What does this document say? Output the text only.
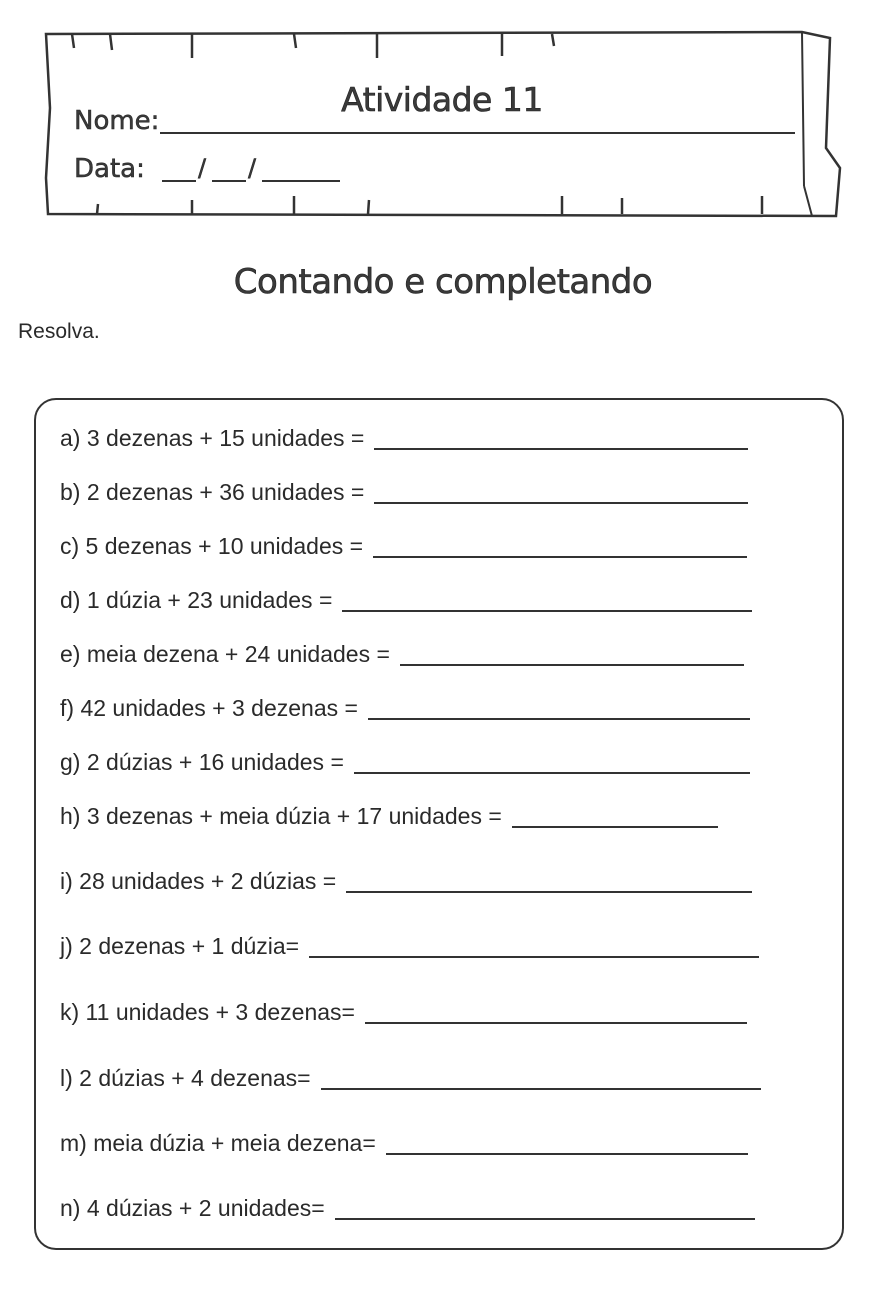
Atividade 11
Nome:
Data: / /
Contando e completando
Resolva.
a) 3 dezenas + 15 unidades =
b) 2 dezenas + 36 unidades =
c) 5 dezenas + 10 unidades =
d) 1 dúzia + 23 unidades =
e) meia dezena + 24 unidades =
f) 42 unidades + 3 dezenas =
g) 2 dúzias + 16 unidades =
h) 3 dezenas + meia dúzia + 17 unidades =
i) 28 unidades + 2 dúzias =
j) 2 dezenas + 1 dúzia=
k) 11 unidades + 3 dezenas=
l) 2 dúzias + 4 dezenas=
m) meia dúzia + meia dezena=
n) 4 dúzias + 2 unidades=
